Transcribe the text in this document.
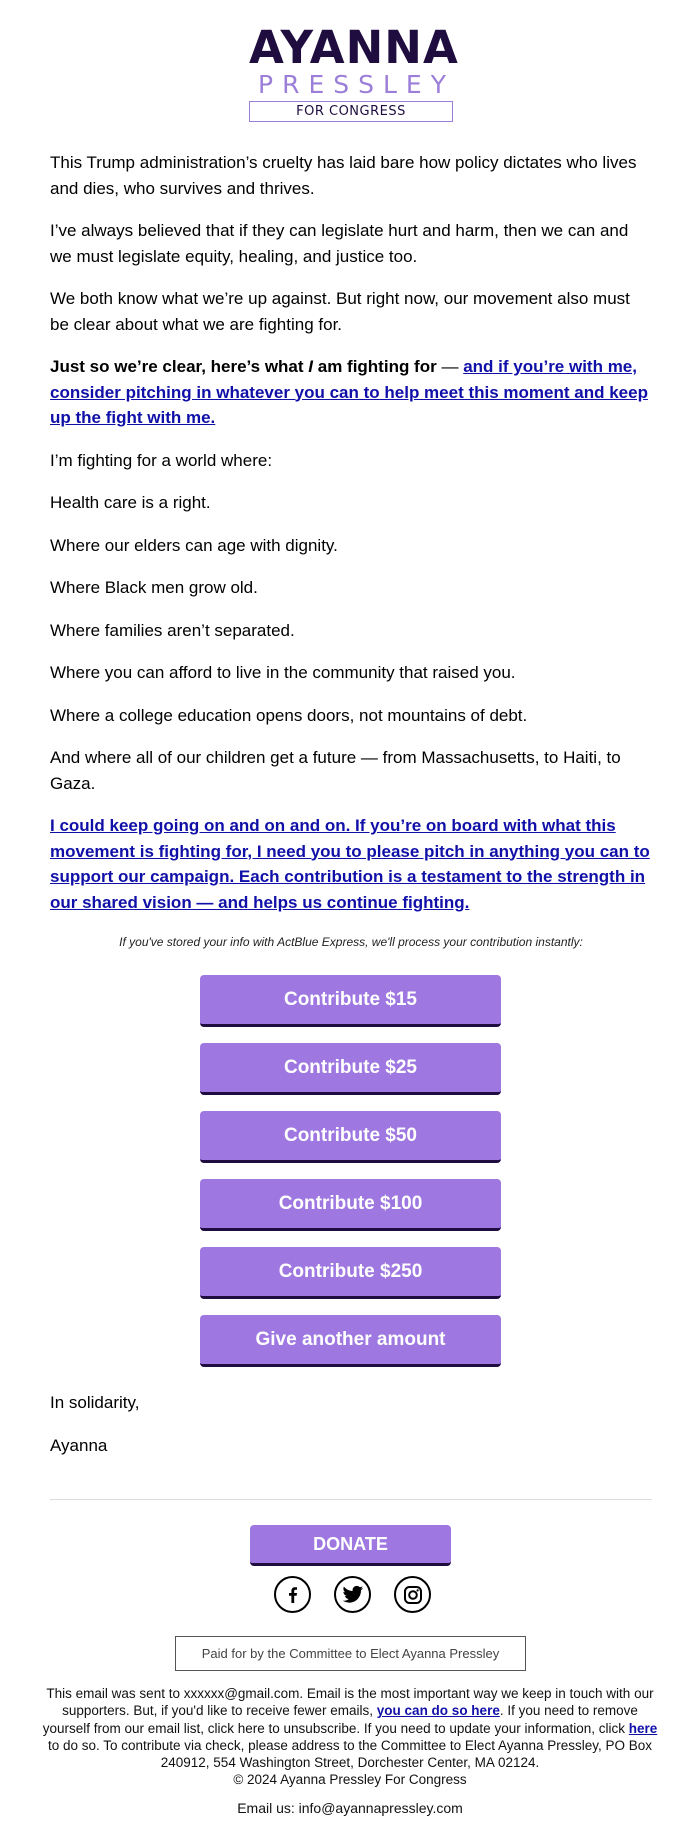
AYANNA
PRESSLEY
FOR CONGRESS

This Trump administration’s cruelty has laid bare how policy dictates who lives and dies, who survives and thrives.

I’ve always believed that if they can legislate hurt and harm, then we can and we must legislate equity, healing, and justice too.

We both know what we’re up against. But right now, our movement also must be clear about what we are fighting for.

Just so we’re clear, here’s what I am fighting for — and if you’re with me, consider pitching in whatever you can to help meet this moment and keep up the fight with me.

I’m fighting for a world where:

Health care is a right.

Where our elders can age with dignity.

Where Black men grow old.

Where families aren’t separated.

Where you can afford to live in the community that raised you.

Where a college education opens doors, not mountains of debt.

And where all of our children get a future — from Massachusetts, to Haiti, to Gaza.

I could keep going on and on and on. If you’re on board with what this movement is fighting for, I need you to please pitch in anything you can to support our campaign. Each contribution is a testament to the strength in our shared vision — and helps us continue fighting.

If you've stored your info with ActBlue Express, we'll process your contribution instantly:
Contribute $15
Contribute $25
Contribute $50
Contribute $100
Contribute $250
Give another amount
In solidarity,
Ayanna
DONATE
Paid for by the Committee to Elect Ayanna Pressley
This email was sent to xxxxxx@gmail.com. Email is the most important way we keep in touch with our supporters. But, if you'd like to receive fewer emails, you can do so here. If you need to remove yourself from our email list, click here to unsubscribe. If you need to update your information, click here to do so. To contribute via check, please address to the Committee to Elect Ayanna Pressley, PO Box 240912, 554 Washington Street, Dorchester Center, MA 02124.
© 2024 Ayanna Pressley For Congress
Email us: info@ayannapressley.com
